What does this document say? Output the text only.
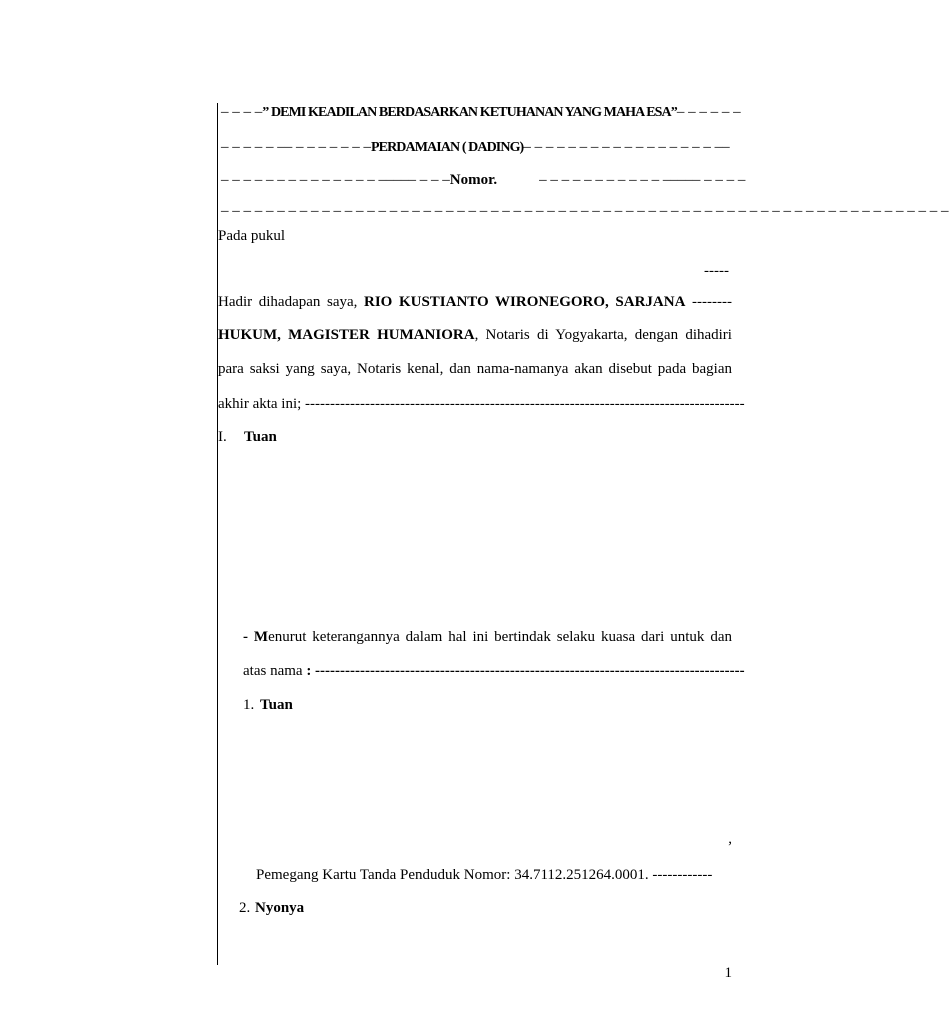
– – – – ” DEMI KEADILAN BERDASARKAN KETUHANAN YANG MAHA ESA” – – – – – –
– – – – – –– – – – – – – – PERDAMAIAN ( DADING) – – – – – – – – – – – – – – – – – ––
– – – – – – – – – – – – – – ––––– – – – Nomor.	– – – – – – – – – – – ––––– – – – –
– – – – – – – – – – – – – – – – – – – – – – – – – – – – – – – – – – – – – – – – – – – – – – – – – – – – – – – – – – – – – – – – –
Pada pukul
-----
Hadir dihadapan saya, RIO KUSTIANTO WIRONEGORO, SARJANA --------
HUKUM, MAGISTER HUMANIORA, Notaris di Yogyakarta, dengan dihadiri
para saksi yang saya, Notaris kenal, dan nama-namanya akan disebut pada bagian
akhir akta ini; ----------------------------------------------------------------------------------------
I. Tuan
- Menurut keterangannya dalam hal ini bertindak selaku kuasa dari untuk dan
atas nama : --------------------------------------------------------------------------------------
1. Tuan
,
Pemegang Kartu Tanda Penduduk Nomor: 34.7112.251264.0001. ------------
2. Nyonya
1
